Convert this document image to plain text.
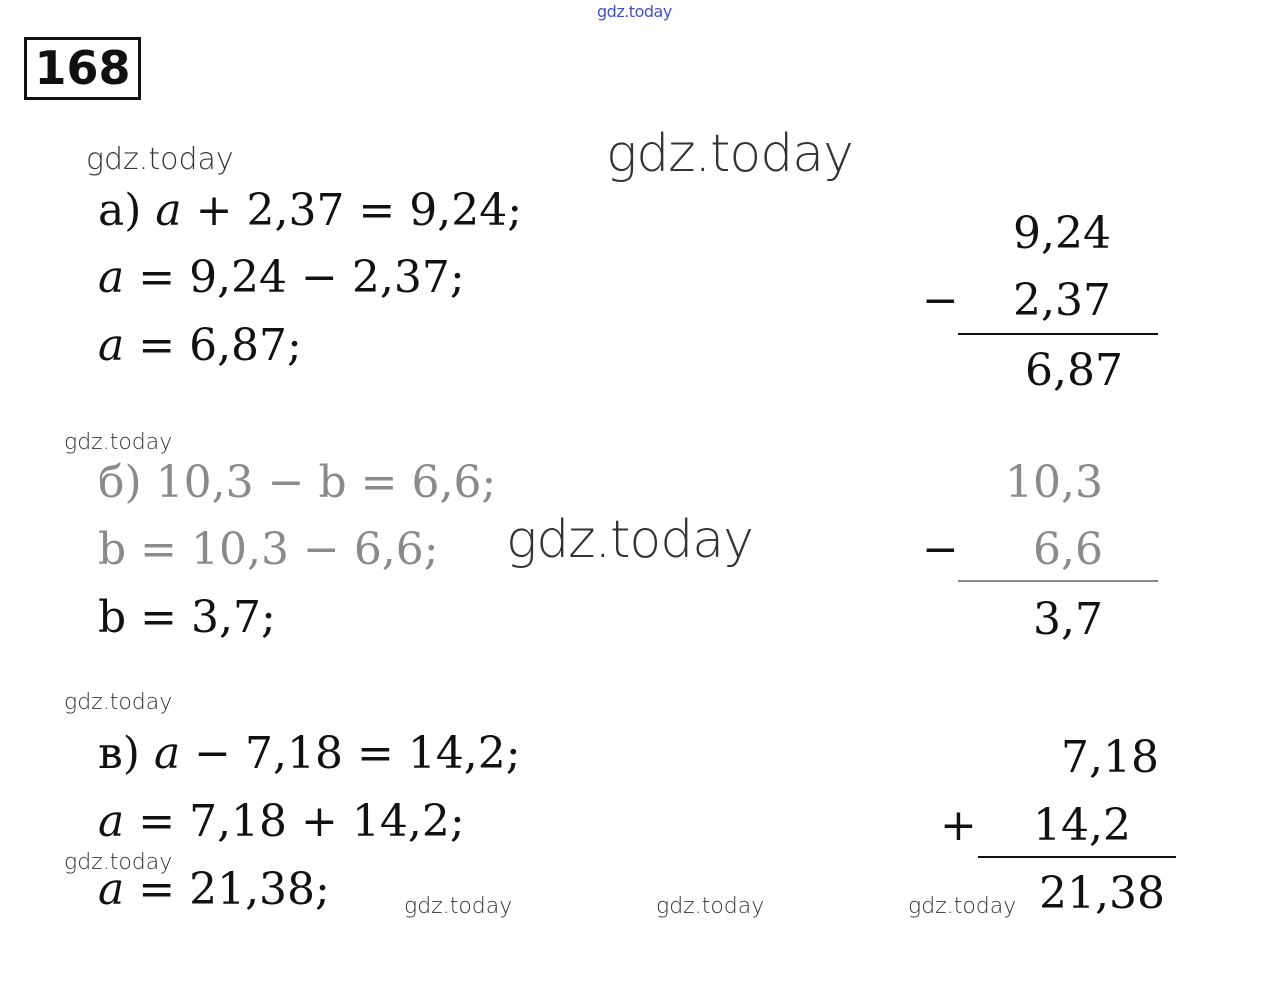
gdz.today
168
gdz.today	gdz.today
gdz.today
gdz.today
gdz.today
gdz.today
gdz.today	gdz.today	gdz.today
а) a + 2,37 = 9,24;
a = 9,24 − 2,37;
a = 6,87;
9,24
− 2,37
6,87
б) 10,3 − b = 6,6;
b = 10,3 − 6,6;
b = 3,7;
10,3
− 6,6
3,7
в) a − 7,18 = 14,2;
a = 7,18 + 14,2;
a = 21,38;
7,18
+ 14,2
21,38
